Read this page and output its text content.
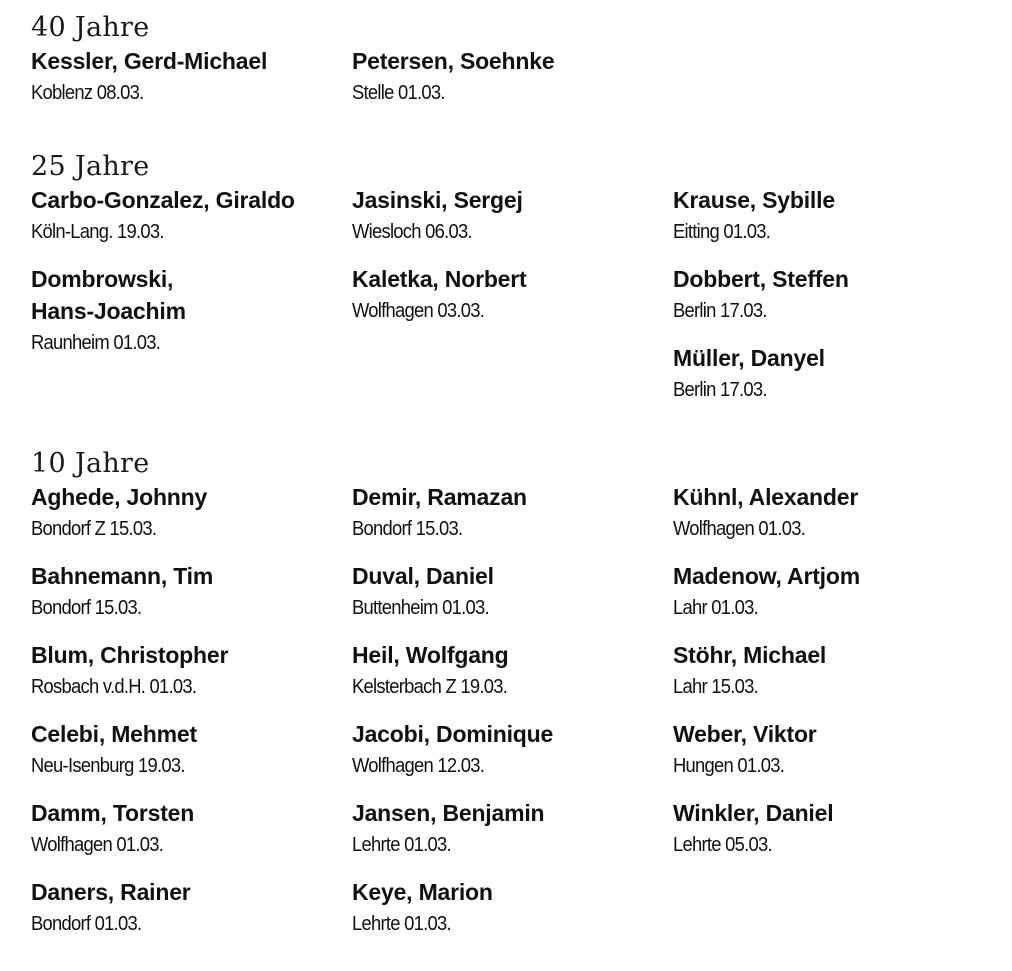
40 Jahre
Kessler, Gerd-Michael
Koblenz 08.03.
Petersen, Soehnke
Stelle 01.03.
25 Jahre
Carbo-Gonzalez, Giraldo
Köln-Lang. 19.03.
Dombrowski,
Hans-Joachim
Raunheim 01.03.
Jasinski, Sergej
Wiesloch 06.03.
Kaletka, Norbert
Wolfhagen 03.03.
Krause, Sybille
Eitting 01.03.
Dobbert, Steffen
Berlin 17.03.
Müller, Danyel
Berlin 17.03.
10 Jahre
Aghede, Johnny
Bondorf Z 15.03.
Bahnemann, Tim
Bondorf 15.03.
Blum, Christopher
Rosbach v.d.H. 01.03.
Celebi, Mehmet
Neu-Isenburg 19.03.
Damm, Torsten
Wolfhagen 01.03.
Daners, Rainer
Bondorf 01.03.
Demir, Ramazan
Bondorf 15.03.
Duval, Daniel
Buttenheim 01.03.
Heil, Wolfgang
Kelsterbach Z 19.03.
Jacobi, Dominique
Wolfhagen 12.03.
Jansen, Benjamin
Lehrte 01.03.
Keye, Marion
Lehrte 01.03.
Kühnl, Alexander
Wolfhagen 01.03.
Madenow, Artjom
Lahr 01.03.
Stöhr, Michael
Lahr 15.03.
Weber, Viktor
Hungen 01.03.
Winkler, Daniel
Lehrte 05.03.
